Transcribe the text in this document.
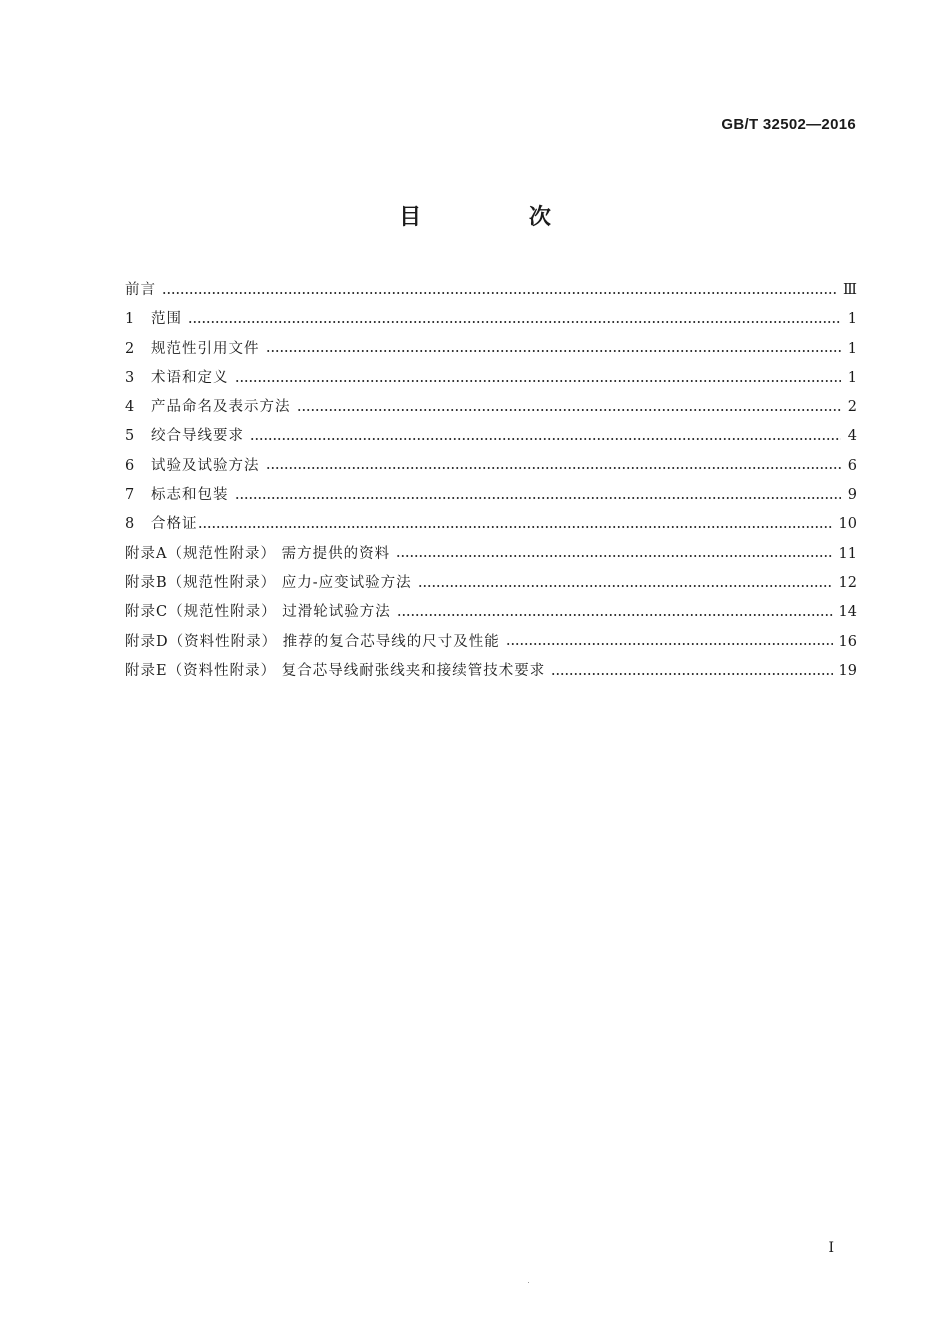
GB/T 32502—2016
目 次
前言	Ⅲ
1	范围	1
2	规范性引用文件	1
3	术语和定义	1
4	产品命名及表示方法	2
5	绞合导线要求	4
6	试验及试验方法	6
7	标志和包装	9
8	合格证	10
附录A（规范性附录） 需方提供的资料	11
附录B（规范性附录） 应力-应变试验方法	12
附录C（规范性附录） 过滑轮试验方法	14
附录D（资料性附录） 推荐的复合芯导线的尺寸及性能	16
附录E（资料性附录） 复合芯导线耐张线夹和接续管技术要求	19
I
